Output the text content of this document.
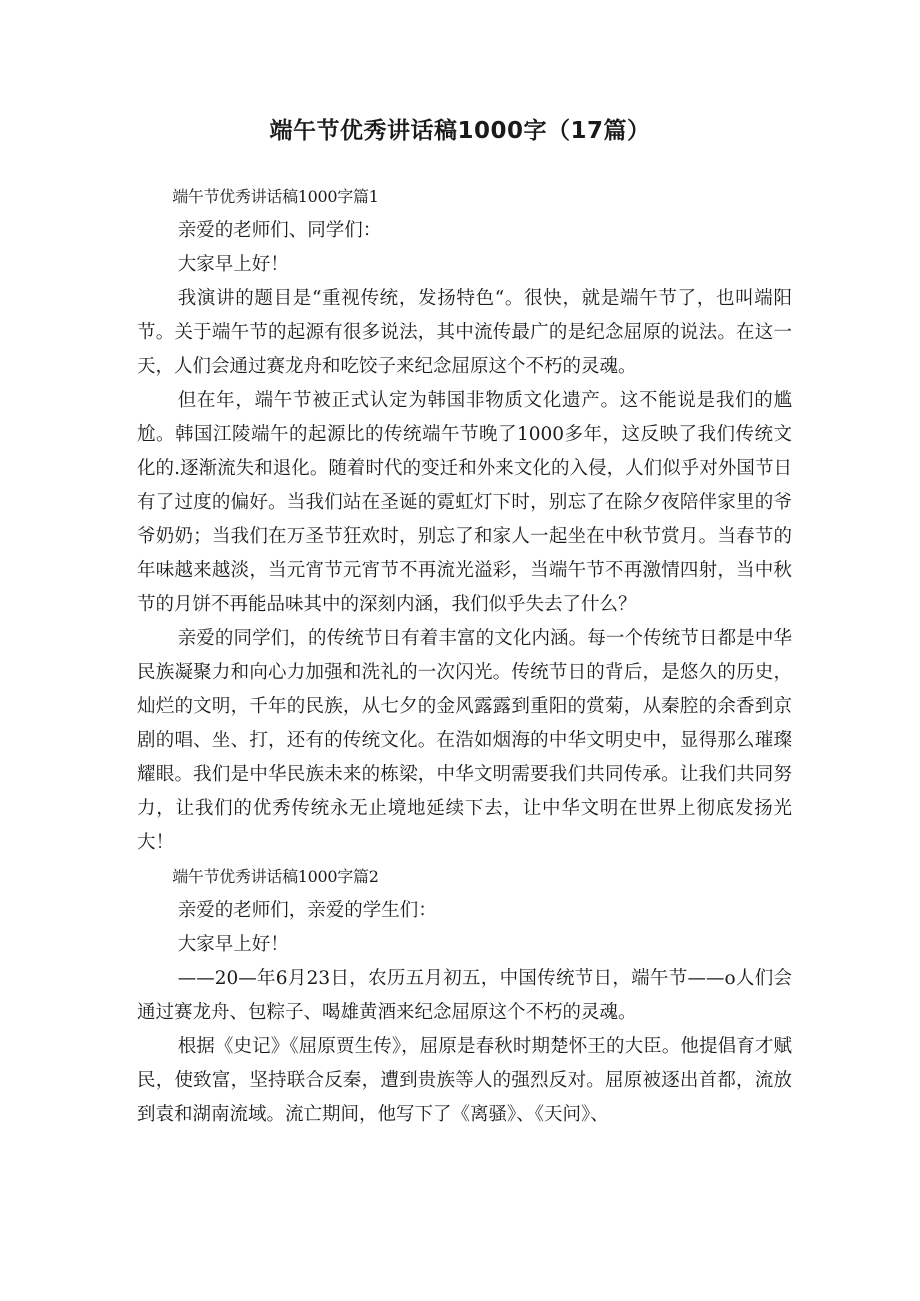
端午节优秀讲话稿1000字（17篇）

端午节优秀讲话稿1000字篇1

亲爱的老师们、同学们：

大家早上好！

我演讲的题目是“重视传统，发扬特色“。很快，就是端午节了，也叫端阳节。关于端午节的起源有很多说法，其中流传最广的是纪念屈原的说法。在这一天，人们会通过赛龙舟和吃饺子来纪念屈原这个不朽的灵魂。

但在年，端午节被正式认定为韩国非物质文化遗产。这不能说是我们的尴尬。韩国江陵端午的起源比的传统端午节晚了1000多年，这反映了我们传统文化的.逐渐流失和退化。随着时代的变迁和外来文化的入侵，人们似乎对外国节日有了过度的偏好。当我们站在圣诞的霓虹灯下时，别忘了在除夕夜陪伴家里的爷爷奶奶；当我们在万圣节狂欢时，别忘了和家人一起坐在中秋节赏月。当春节的年味越来越淡，当元宵节元宵节不再流光溢彩，当端午节不再激情四射，当中秋节的月饼不再能品味其中的深刻内涵，我们似乎失去了什么？

亲爱的同学们，的传统节日有着丰富的文化内涵。每一个传统节日都是中华民族凝聚力和向心力加强和洗礼的一次闪光。传统节日的背后，是悠久的历史，灿烂的文明，千年的民族，从七夕的金风露露到重阳的赏菊，从秦腔的余香到京剧的唱、坐、打，还有的传统文化。在浩如烟海的中华文明史中，显得那么璀璨耀眼。我们是中华民族未来的栋梁，中华文明需要我们共同传承。让我们共同努力，让我们的优秀传统永无止境地延续下去，让中华文明在世界上彻底发扬光大！

端午节优秀讲话稿1000字篇2

亲爱的老师们，亲爱的学生们：

大家早上好！

——20—年6月23日，农历五月初五，中国传统节日，端午节——o人们会通过赛龙舟、包粽子、喝雄黄酒来纪念屈原这个不朽的灵魂。

根据《史记》《屈原贾生传》，屈原是春秋时期楚怀王的大臣。他提倡育才赋民，使致富，坚持联合反秦，遭到贵族等人的强烈反对。屈原被逐出首都，流放到袁和湖南流域。流亡期间，他写下了《离骚》、《天问》、
